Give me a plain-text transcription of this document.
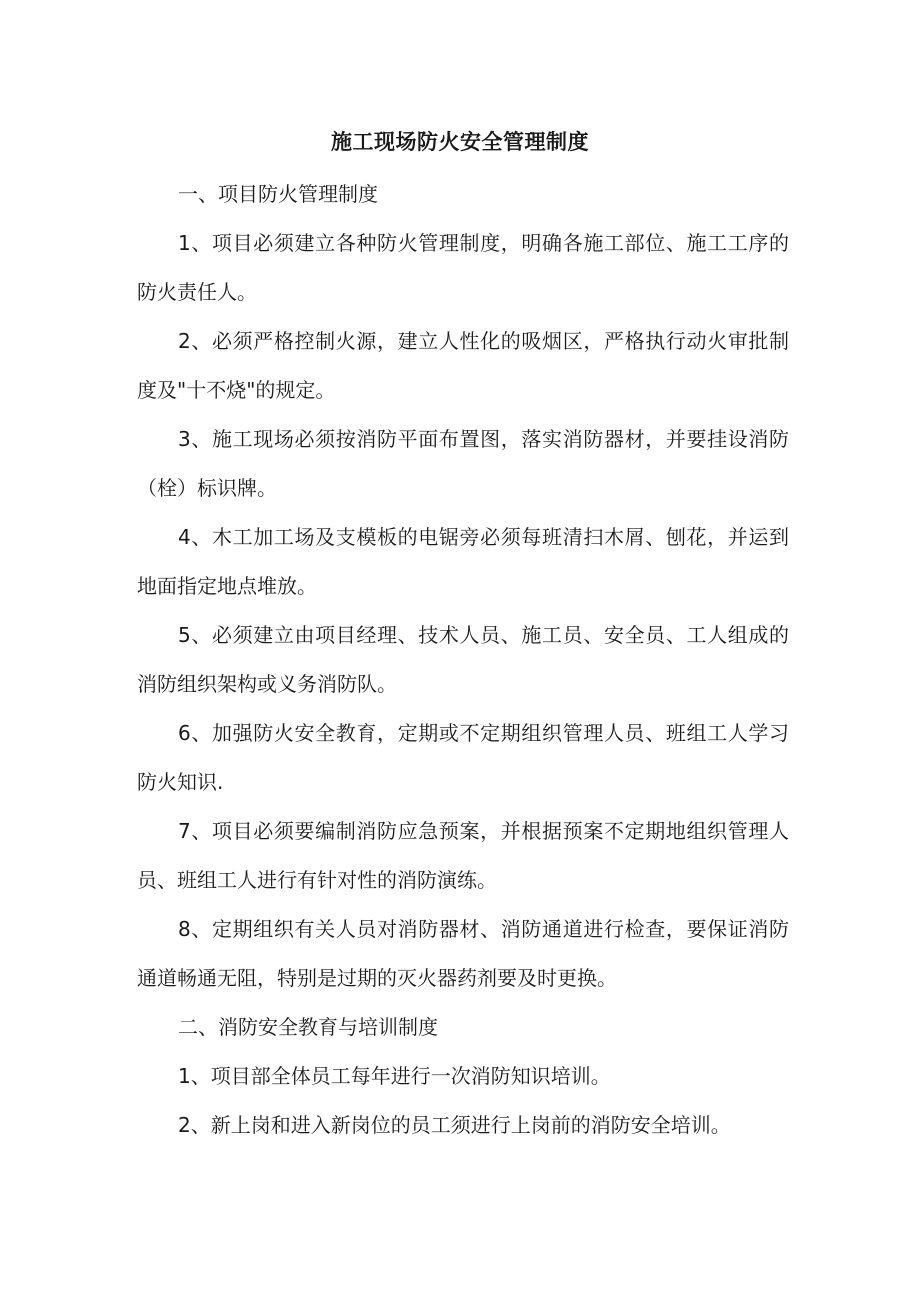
施工现场防火安全管理制度

一、项目防火管理制度

1、项目必须建立各种防火管理制度，明确各施工部位、施工工序的防火责任人。

2、必须严格控制火源，建立人性化的吸烟区，严格执行动火审批制度及"十不烧"的规定。

3、施工现场必须按消防平面布置图，落实消防器材，并要挂设消防（栓）标识牌。

4、木工加工场及支模板的电锯旁必须每班清扫木屑、刨花，并运到地面指定地点堆放。

5、必须建立由项目经理、技术人员、施工员、安全员、工人组成的消防组织架构或义务消防队。

6、加强防火安全教育，定期或不定期组织管理人员、班组工人学习防火知识.

7、项目必须要编制消防应急预案，并根据预案不定期地组织管理人员、班组工人进行有针对性的消防演练。

8、定期组织有关人员对消防器材、消防通道进行检查，要保证消防通道畅通无阻，特别是过期的灭火器药剂要及时更换。

二、消防安全教育与培训制度

1、项目部全体员工每年进行一次消防知识培训。

2、新上岗和进入新岗位的员工须进行上岗前的消防安全培训。
